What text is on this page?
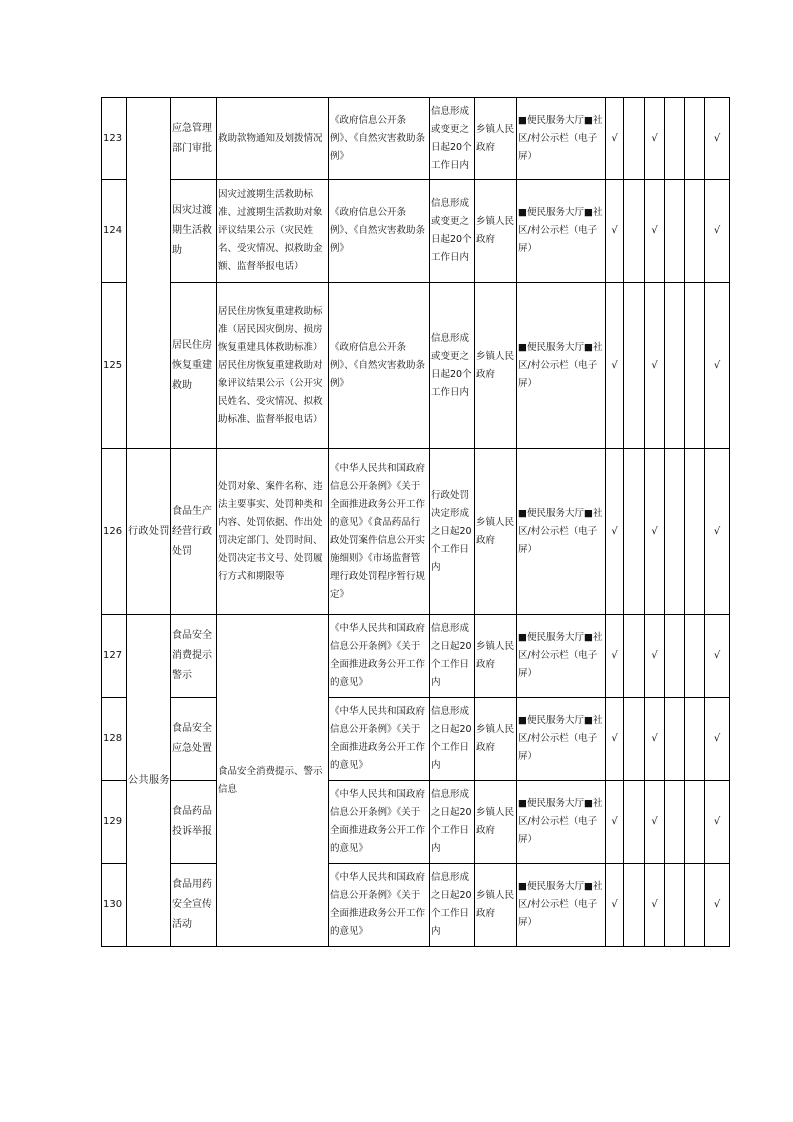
123		应急管理部门审批	救助款物通知及划拨情况	《政府信息公开条例》、《自然灾害救助条例》	信息形成或变更之日起20个工作日内	乡镇人民政府	■便民服务大厅■社区/村公示栏（电子屏）	√		√			√
124		因灾过渡期生活救助	因灾过渡期生活救助标准、过渡期生活救助对象评议结果公示（灾民姓名、受灾情况、拟救助金额、监督举报电话）	《政府信息公开条例》、《自然灾害救助条例》	信息形成或变更之日起20个工作日内	乡镇人民政府	■便民服务大厅■社区/村公示栏（电子屏）	√		√			√
125		居民住房恢复重建救助	居民住房恢复重建救助标准（居民因灾倒房、损房恢复重建具体救助标准）居民住房恢复重建救助对象评议结果公示（公开灾民姓名、受灾情况、拟救助标准、监督举报电话）	《政府信息公开条例》、《自然灾害救助条例》	信息形成或变更之日起20个工作日内	乡镇人民政府	■便民服务大厅■社区/村公示栏（电子屏）	√		√			√
126	行政处罚	食品生产经营行政处罚	处罚对象、案件名称、违法主要事实、处罚种类和内容、处罚依据、作出处罚决定部门、处罚时间、处罚决定书文号、处罚履行方式和期限等	《中华人民共和国政府信息公开条例》《关于全面推进政务公开工作的意见》《食品药品行政处罚案件信息公开实施细则》《市场监督管理行政处罚程序暂行规定》	行政处罚决定形成之日起20个工作日内	乡镇人民政府	■便民服务大厅■社区/村公示栏（电子屏）	√		√			√
127	公共服务	食品安全消费提示警示	食品安全消费提示、警示信息	《中华人民共和国政府信息公开条例》《关于全面推进政务公开工作的意见》	信息形成之日起20个工作日内	乡镇人民政府	■便民服务大厅■社区/村公示栏（电子屏）	√		√			√
128		食品安全应急处置		《中华人民共和国政府信息公开条例》《关于全面推进政务公开工作的意见》	信息形成之日起20个工作日内	乡镇人民政府	■便民服务大厅■社区/村公示栏（电子屏）	√		√			√
129		食品药品投诉举报		《中华人民共和国政府信息公开条例》《关于全面推进政务公开工作的意见》	信息形成之日起20个工作日内	乡镇人民政府	■便民服务大厅■社区/村公示栏（电子屏）	√		√			√
130		食品用药安全宣传活动		《中华人民共和国政府信息公开条例》《关于全面推进政务公开工作的意见》	信息形成之日起20个工作日内	乡镇人民政府	■便民服务大厅■社区/村公示栏（电子屏）	√		√			√
